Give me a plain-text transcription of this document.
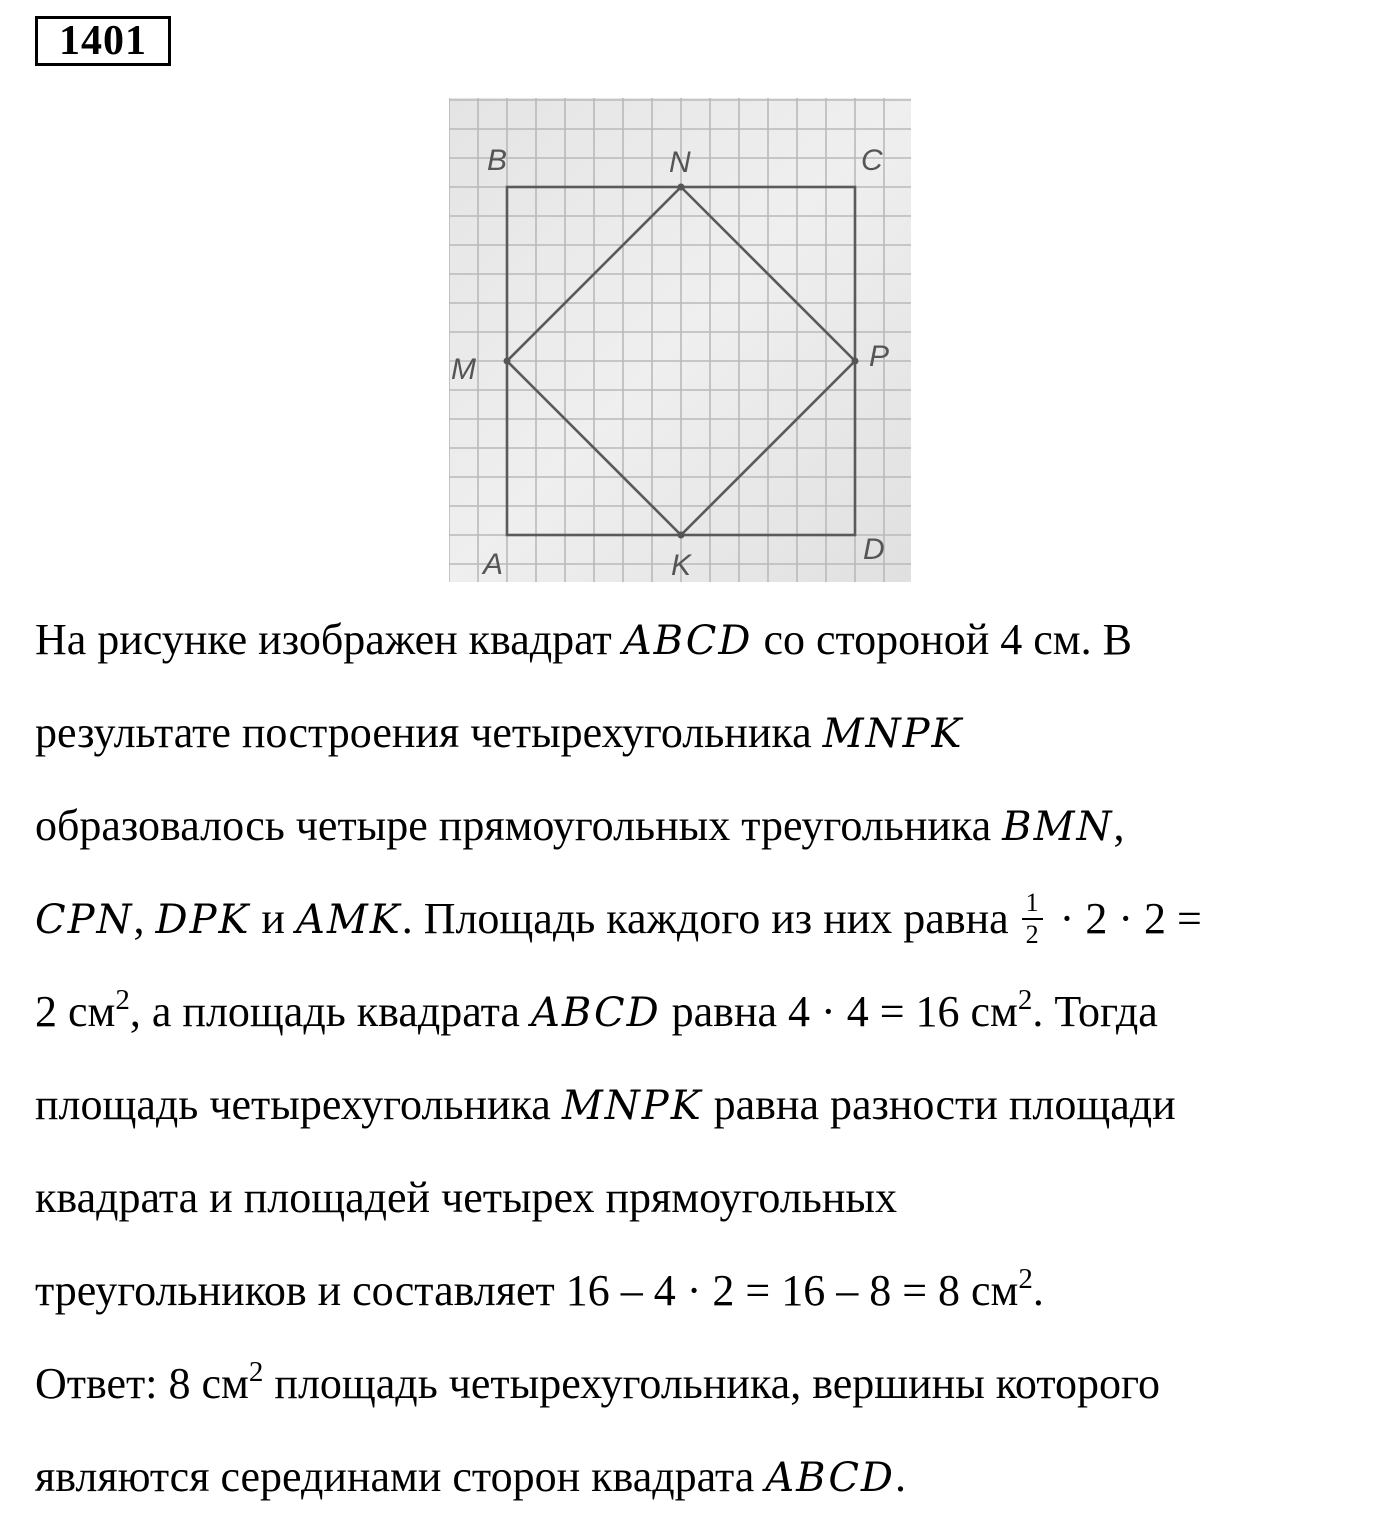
1401
B	N	C
M	P
A	K	D
На рисунке изображен квадрат ABCD со стороной 4 см. В
результате построения четырехугольника MNPK
образовалось четыре прямоугольных треугольника BMN,
CPN, DPK и AMK. Площадь каждого из них равна $\frac{1}{2} \cdot 2 \cdot 2$ =
2 $см^2$, а площадь квадрата ABCD равна 4 · 4 = 16 $см^2$. Тогда
площадь четырехугольника MNPK равна разности площади
квадрата и площадей четырех прямоугольных
треугольников и составляет 16 – 4 · 2 = 16 – 8 = 8 $см^2$.
Ответ: 8 $см^2$ площадь четырехугольника, вершины которого
являются серединами сторон квадрата ABCD.
